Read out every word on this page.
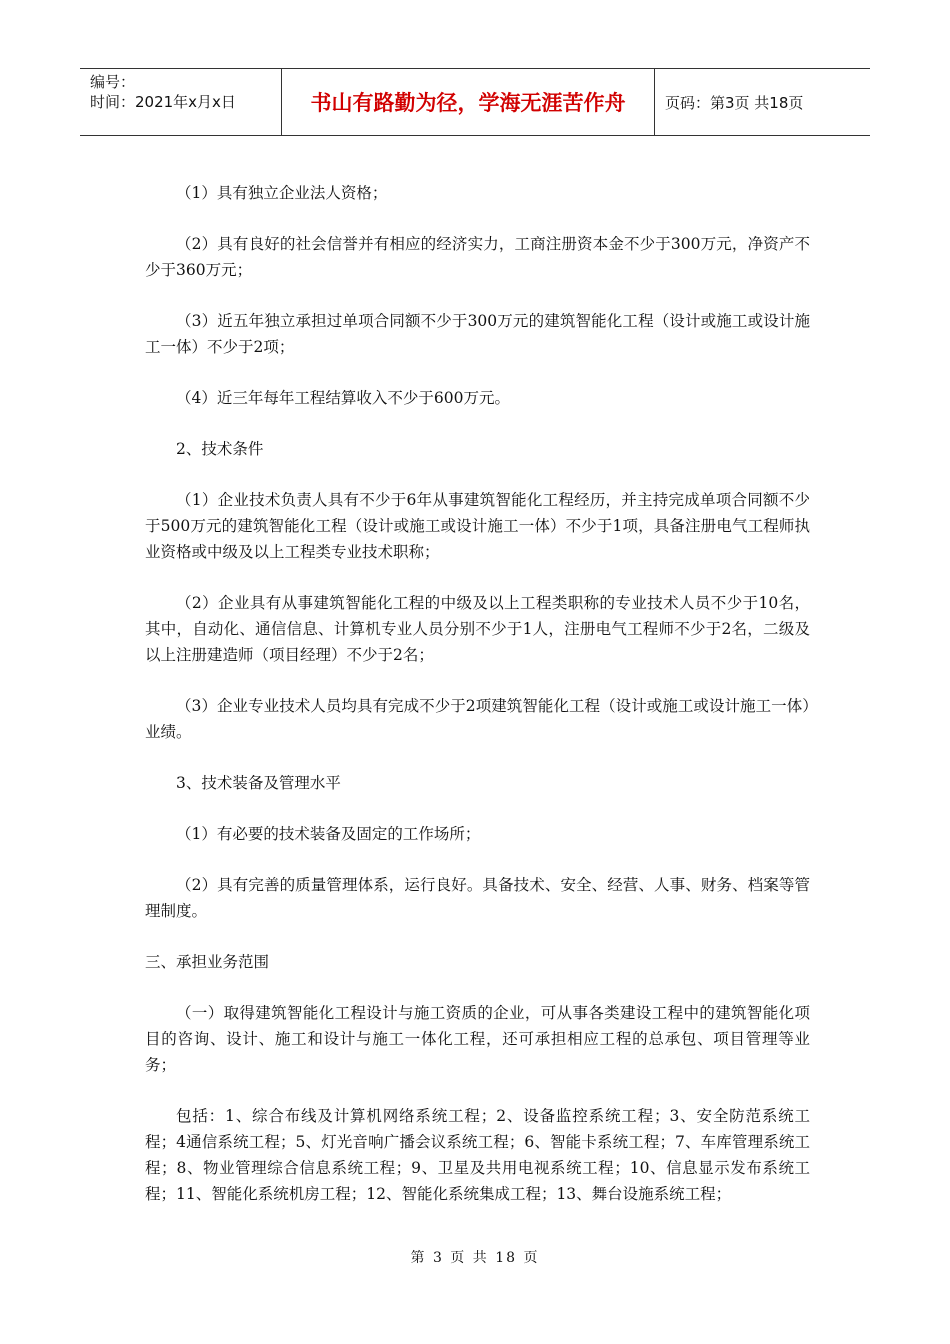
编号：
时间：2021年x月x日	书山有路勤为径，学海无涯苦作舟	页码：第3页 共18页

（1）具有独立企业法人资格；

（2）具有良好的社会信誉并有相应的经济实力，工商注册资本金不少于300万元，净资产不少于360万元；

（3）近五年独立承担过单项合同额不少于300万元的建筑智能化工程（设计或施工或设计施工一体）不少于2项；

（4）近三年每年工程结算收入不少于600万元。

2、技术条件

（1）企业技术负责人具有不少于6年从事建筑智能化工程经历，并主持完成单项合同额不少于500万元的建筑智能化工程（设计或施工或设计施工一体）不少于1项，具备注册电气工程师执业资格或中级及以上工程类专业技术职称；

（2）企业具有从事建筑智能化工程的中级及以上工程类职称的专业技术人员不少于10名，其中，自动化、通信信息、计算机专业人员分别不少于1人，注册电气工程师不少于2名，二级及以上注册建造师（项目经理）不少于2名；

（3）企业专业技术人员均具有完成不少于2项建筑智能化工程（设计或施工或设计施工一体）业绩。

3、技术装备及管理水平

（1）有必要的技术装备及固定的工作场所；

（2）具有完善的质量管理体系，运行良好。具备技术、安全、经营、人事、财务、档案等管理制度。

三、承担业务范围

（一）取得建筑智能化工程设计与施工资质的企业，可从事各类建设工程中的建筑智能化项目的咨询、设计、施工和设计与施工一体化工程，还可承担相应工程的总承包、项目管理等业务；

包括：1、综合布线及计算机网络系统工程；2、设备监控系统工程；3、安全防范系统工程；4通信系统工程；5、灯光音响广播会议系统工程；6、智能卡系统工程；7、车库管理系统工程；8、物业管理综合信息系统工程；9、卫星及共用电视系统工程；10、信息显示发布系统工程；11、智能化系统机房工程；12、智能化系统集成工程；13、舞台设施系统工程；

第 3 页 共 18 页
